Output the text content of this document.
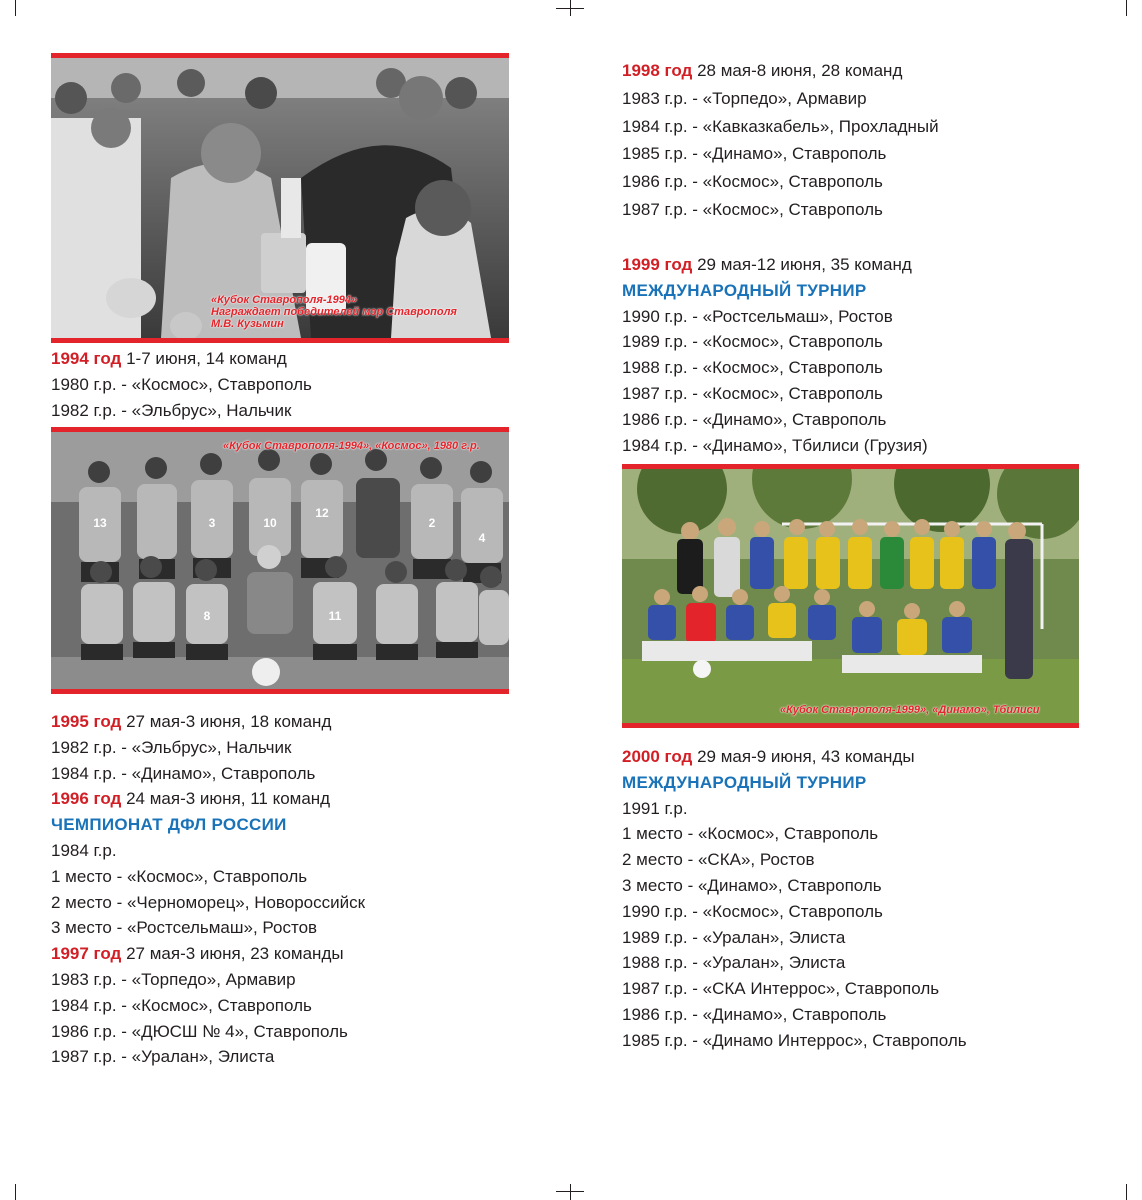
«Кубок Ставрополя-1994»
Награждает победителей мэр Ставрополя
М.В. Кузьмин
1994 год 1-7 июня, 14 команд
1980 г.р. - «Космос», Ставрополь
1982 г.р. - «Эльбрус», Нальчик
13	3	10
12
2
4
8	11
«Кубок Ставрополя-1994», «Космос», 1980 г.р.
1995 год 27 мая-3 июня, 18 команд
1982 г.р. - «Эльбрус», Нальчик
1984 г.р. - «Динамо», Ставрополь
1996 год 24 мая-3 июня, 11 команд
ЧЕМПИОНАТ ДФЛ РОССИИ
1984 г.р.
1 место - «Космос», Ставрополь
2 место - «Черноморец», Новороссийск
3 место - «Ростсельмаш», Ростов
1997 год 27 мая-3 июня, 23 команды
1983 г.р. - «Торпедо», Армавир
1984 г.р. - «Космос», Ставрополь
1986 г.р. - «ДЮСШ № 4», Ставрополь
1987 г.р. - «Уралан», Элиста
1998 год 28 мая-8 июня, 28 команд
1983 г.р. - «Торпедо», Армавир
1984 г.р. - «Кавказкабель», Прохладный
1985 г.р. - «Динамо», Ставрополь
1986 г.р. - «Космос», Ставрополь
1987 г.р. - «Космос», Ставрополь
1999 год 29 мая-12 июня, 35 команд
МЕЖДУНАРОДНЫЙ ТУРНИР
1990 г.р. - «Ростсельмаш», Ростов
1989 г.р. - «Космос», Ставрополь
1988 г.р. - «Космос», Ставрополь
1987 г.р. - «Космос», Ставрополь
1986 г.р. - «Динамо», Ставрополь
1984 г.р. - «Динамо», Тбилиси (Грузия)
«Кубок Ставрополя-1999», «Динамо», Тбилиси
2000 год 29 мая-9 июня, 43 команды
МЕЖДУНАРОДНЫЙ ТУРНИР
1991 г.р.
1 место - «Космос», Ставрополь
2 место - «СКА», Ростов
3 место - «Динамо», Ставрополь
1990 г.р. - «Космос», Ставрополь
1989 г.р. - «Уралан», Элиста
1988 г.р. - «Уралан», Элиста
1987 г.р. - «СКА Интеррос», Ставрополь
1986 г.р. - «Динамо», Ставрополь
1985 г.р. - «Динамо Интеррос», Ставрополь
